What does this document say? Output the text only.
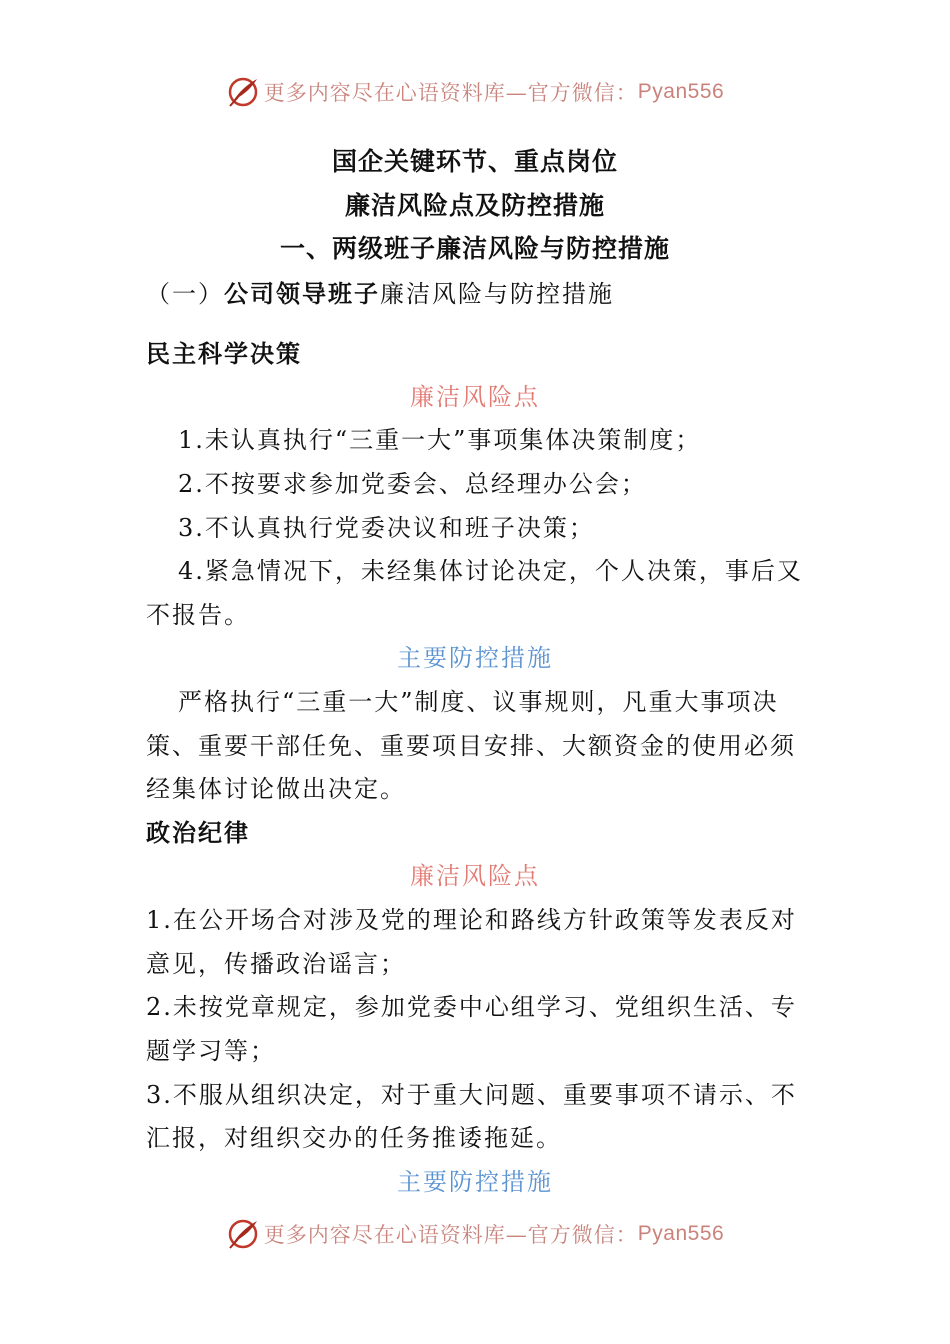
更多内容尽在心语资料库—官方微信： Pyan556
国企关键环节、重点岗位
廉洁风险点及防控措施
一、两级班子廉洁风险与防控措施
（一）公司领导班子廉洁风险与防控措施
民主科学决策
廉洁风险点
1.未认真执行“三重一大”事项集体决策制度；
2.不按要求参加党委会、总经理办公会；
3.不认真执行党委决议和班子决策；
4.紧急情况下，未经集体讨论决定，个人决策，事后又
不报告。
主要防控措施
严格执行“三重一大”制度、议事规则，凡重大事项决
策、重要干部任免、重要项目安排、大额资金的使用必须
经集体讨论做出决定。
政治纪律
廉洁风险点
1.在公开场合对涉及党的理论和路线方针政策等发表反对
意见，传播政治谣言；
2.未按党章规定，参加党委中心组学习、党组织生活、专
题学习等；
3.不服从组织决定，对于重大问题、重要事项不请示、不
汇报，对组织交办的任务推诿拖延。
主要防控措施
更多内容尽在心语资料库—官方微信： Pyan556
